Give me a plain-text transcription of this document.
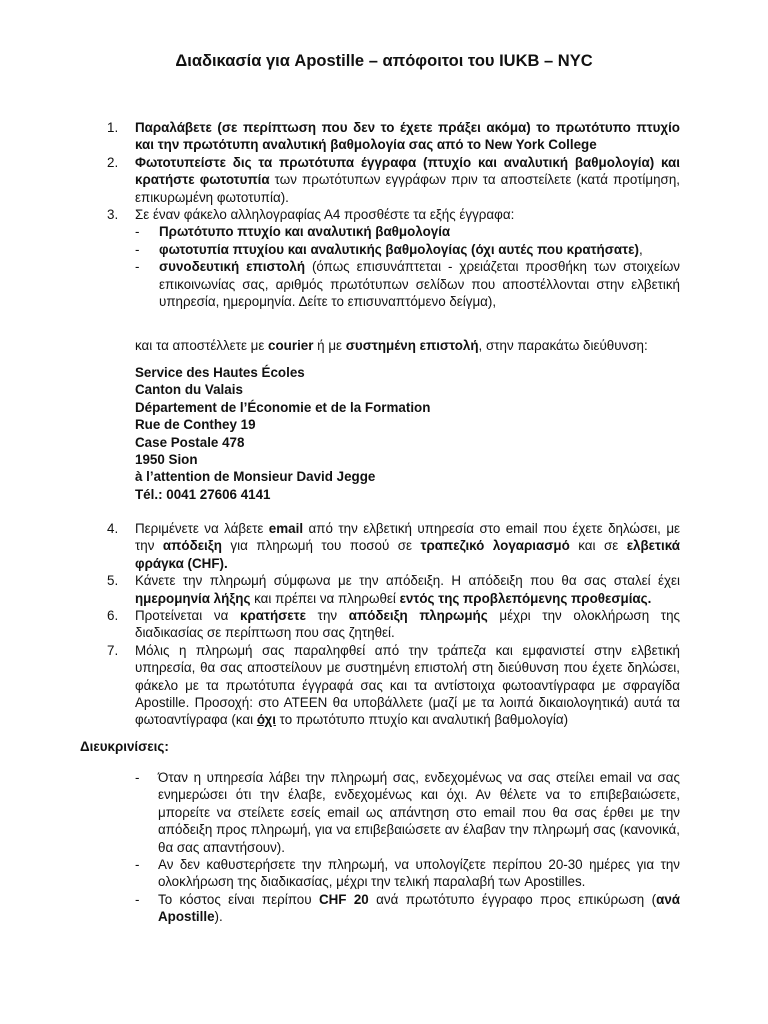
Διαδικασία για Apostille – απόφοιτοι του IUKB – NYC
1. Παραλάβετε (σε περίπτωση που δεν το έχετε πράξει ακόμα) το πρωτότυπο πτυχίο και την πρωτότυπη αναλυτική βαθμολογία σας από το New York College
2. Φωτοτυπείστε δις τα πρωτότυπα έγγραφα (πτυχίο και αναλυτική βαθμολογία) και κρατήστε φωτοτυπία των πρωτότυπων εγγράφων πριν τα αποστείλετε (κατά προτίμηση, επικυρωμένη φωτοτυπία).
3. Σε έναν φάκελο αλληλογραφίας Α4 προσθέστε τα εξής έγγραφα:
- Πρωτότυπο πτυχίο και αναλυτική βαθμολογία
- φωτοτυπία πτυχίου και αναλυτικής βαθμολογίας (όχι αυτές που κρατήσατε),
- συνοδευτική επιστολή (όπως επισυνάπτεται - χρειάζεται προσθήκη των στοιχείων επικοινωνίας σας, αριθμός πρωτότυπων σελίδων που αποστέλλονται στην ελβετική υπηρεσία, ημερομηνία. Δείτε το επισυναπτόμενο δείγμα),
και τα αποστέλλετε με courier ή με συστημένη επιστολή, στην παρακάτω διεύθυνση:
Service des Hautes Écoles
Canton du Valais
Département de l’Économie et de la Formation
Rue de Conthey 19
Case Postale 478
1950 Sion
à l’attention de Monsieur David Jegge
Tél.: 0041 27606 4141
4. Περιμένετε να λάβετε email από την ελβετική υπηρεσία στο email που έχετε δηλώσει, με την απόδειξη για πληρωμή του ποσού σε τραπεζικό λογαριασμό και σε ελβετικά φράγκα (CHF).
5. Κάνετε την πληρωμή σύμφωνα με την απόδειξη. Η απόδειξη που θα σας σταλεί έχει ημερομηνία λήξης και πρέπει να πληρωθεί εντός της προβλεπόμενης προθεσμίας.
6. Προτείνεται να κρατήσετε την απόδειξη πληρωμής μέχρι την ολοκλήρωση της διαδικασίας σε περίπτωση που σας ζητηθεί.
7. Μόλις η πληρωμή σας παραληφθεί από την τράπεζα και εμφανιστεί στην ελβετική υπηρεσία, θα σας αποστείλουν με συστημένη επιστολή στη διεύθυνση που έχετε δηλώσει, φάκελο με τα πρωτότυπα έγγραφά σας και τα αντίστοιχα φωτοαντίγραφα με σφραγίδα Apostille. Προσοχή: στο ΑΤΕΕΝ θα υποβάλλετε (μαζί με τα λοιπά δικαιολογητικά) αυτά τα φωτοαντίγραφα (και όχι το πρωτότυπο πτυχίο και αναλυτική βαθμολογία)
Διευκρινίσεις:
- Όταν η υπηρεσία λάβει την πληρωμή σας, ενδεχομένως να σας στείλει email να σας ενημερώσει ότι την έλαβε, ενδεχομένως και όχι. Αν θέλετε να το επιβεβαιώσετε, μπορείτε να στείλετε εσείς email ως απάντηση στο email που θα σας έρθει με την απόδειξη προς πληρωμή, για να επιβεβαιώσετε αν έλαβαν την πληρωμή σας (κανονικά, θα σας απαντήσουν).
- Αν δεν καθυστερήσετε την πληρωμή, να υπολογίζετε περίπου 20-30 ημέρες για την ολοκλήρωση της διαδικασίας, μέχρι την τελική παραλαβή των Apostilles.
- Το κόστος είναι περίπου CHF 20 ανά πρωτότυπο έγγραφο προς επικύρωση (ανά Apostille).
